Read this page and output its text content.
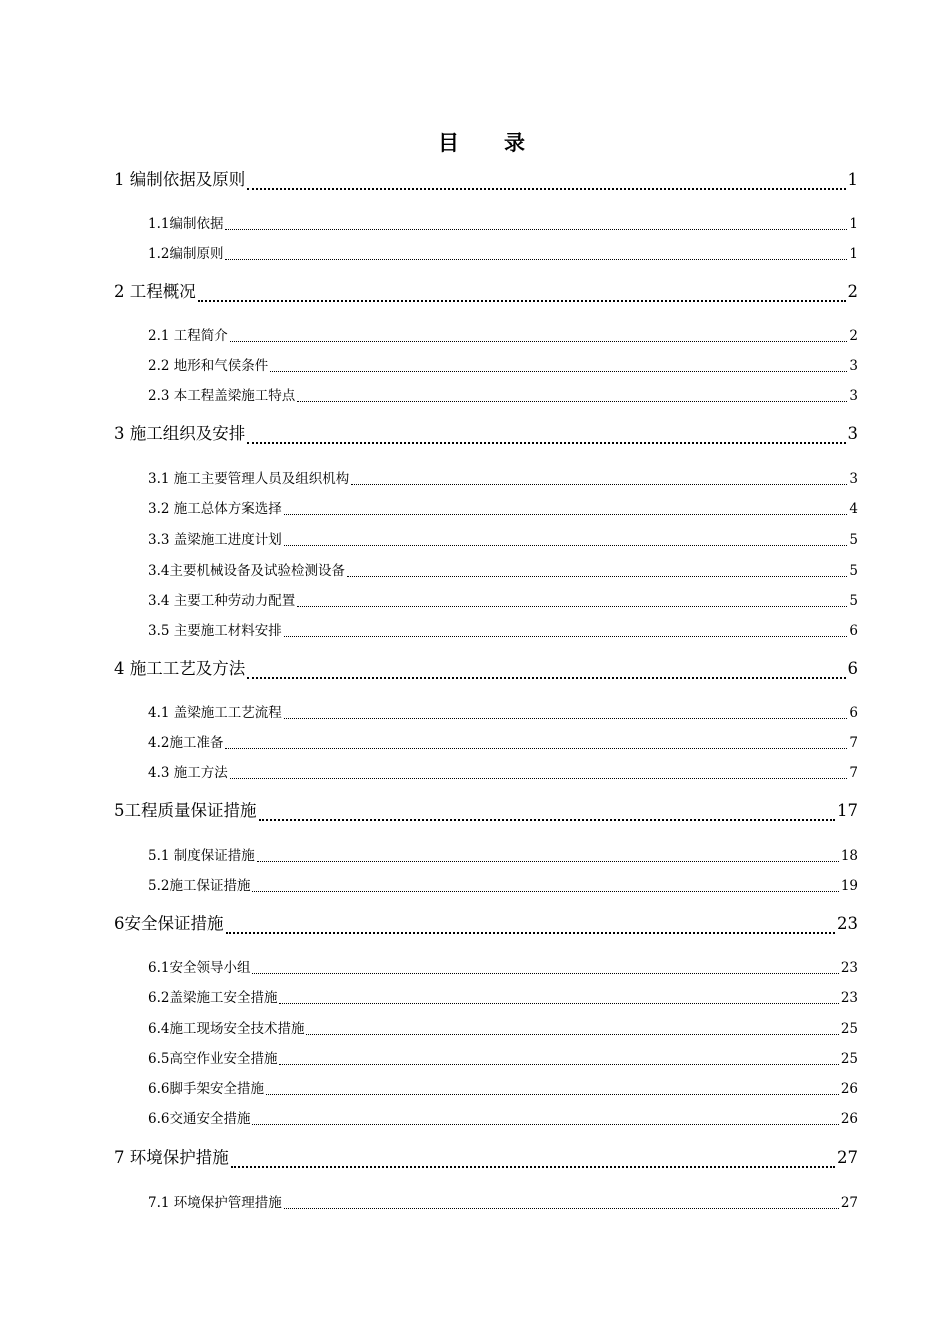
目　录
1 编制依据及原则	1
1.1编制依据	1
1.2编制原则	1
2 工程概况	2
2.1 工程简介	2
2.2 地形和气侯条件	3
2.3 本工程盖梁施工特点	3
3 施工组织及安排	3
3.1 施工主要管理人员及组织机构	3
3.2 施工总体方案选择	4
3.3 盖梁施工进度计划	5
3.4主要机械设备及试验检测设备	5
3.4 主要工种劳动力配置	5
3.5 主要施工材料安排	6
4 施工工艺及方法	6
4.1 盖梁施工工艺流程	6
4.2施工准备	7
4.3 施工方法	7
5工程质量保证措施	17
5.1 制度保证措施	18
5.2施工保证措施	19
6安全保证措施	23
6.1安全领导小组	23
6.2盖梁施工安全措施	23
6.4施工现场安全技术措施	25
6.5高空作业安全措施	25
6.6脚手架安全措施	26
6.6交通安全措施	26
7 环境保护措施	27
7.1 环境保护管理措施	27
